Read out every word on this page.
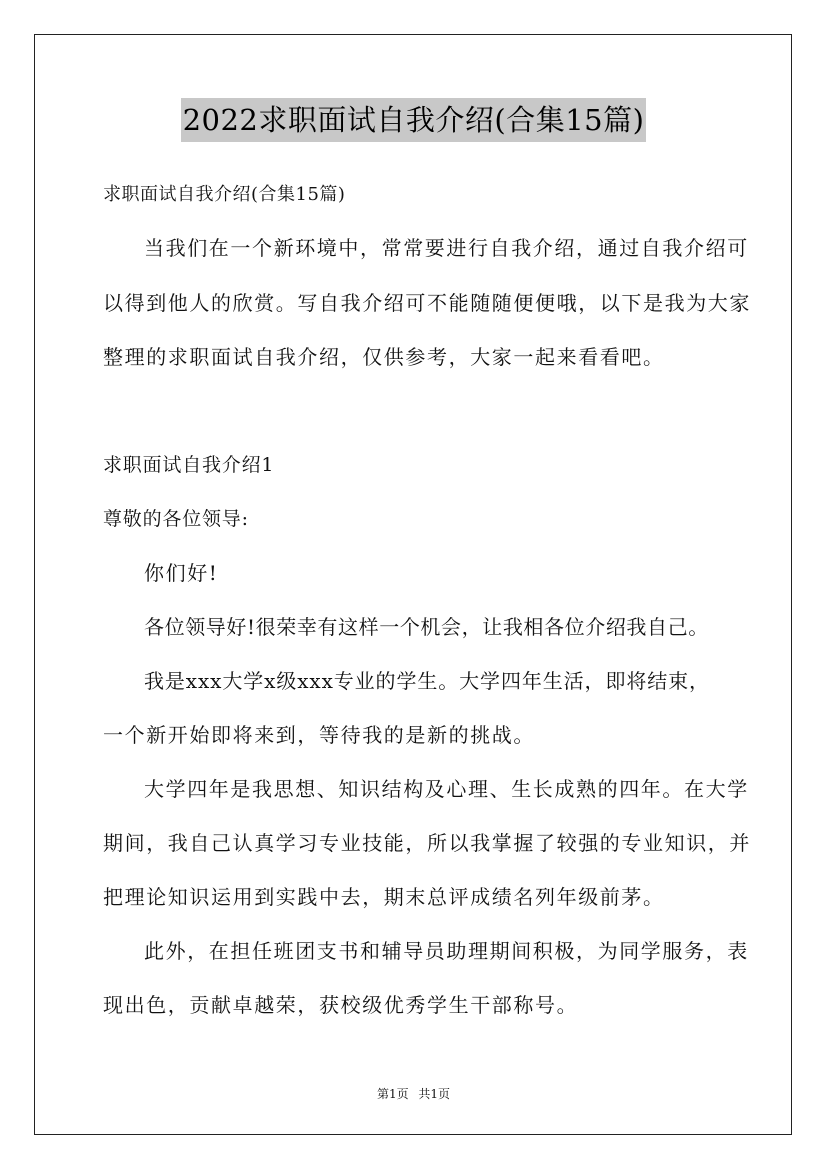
2022求职面试自我介绍(合集15篇)
求职面试自我介绍(合集15篇)
当我们在一个新环境中，常常要进行自我介绍，通过自我介绍可
以得到他人的欣赏。写自我介绍可不能随随便便哦，以下是我为大家
整理的求职面试自我介绍，仅供参考，大家一起来看看吧。
求职面试自我介绍1
尊敬的各位领导:
你们好!
各位领导好!很荣幸有这样一个机会，让我相各位介绍我自己。
我是xxx大学x级xxx专业的学生。大学四年生活，即将结束，
一个新开始即将来到，等待我的是新的挑战。
大学四年是我思想、知识结构及心理、生长成熟的四年。在大学
期间，我自己认真学习专业技能，所以我掌握了较强的专业知识，并
把理论知识运用到实践中去，期末总评成绩名列年级前茅。
此外，在担任班团支书和辅导员助理期间积极，为同学服务，表
现出色，贡献卓越荣，获校级优秀学生干部称号。
第1页 共1页
